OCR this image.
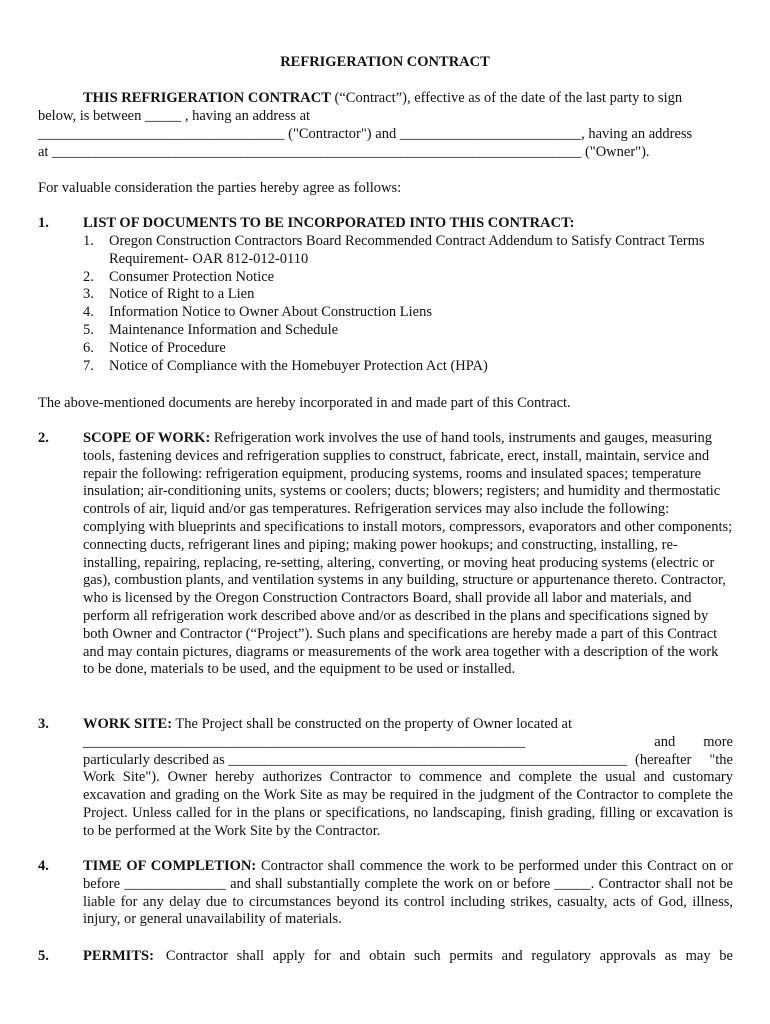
REFRIGERATION CONTRACT
THIS REFRIGERATION CONTRACT (“Contract”), effective as of the date of the last party to sign
below, is between _____ , having an address at
__________________________________ ("Contractor") and _________________________, having an address
at _________________________________________________________________________ ("Owner").
For valuable consideration the parties hereby agree as follows:
1. LIST OF DOCUMENTS TO BE INCORPORATED INTO THIS CONTRACT:
1. Oregon Construction Contractors Board Recommended Contract Addendum to Satisfy Contract Terms Requirement- OAR 812-012-0110
2. Consumer Protection Notice
3. Notice of Right to a Lien
4. Information Notice to Owner About Construction Liens
5. Maintenance Information and Schedule
6. Notice of Procedure
7. Notice of Compliance with the Homebuyer Protection Act (HPA)
The above-mentioned documents are hereby incorporated in and made part of this Contract.
2. SCOPE OF WORK: Refrigeration work involves the use of hand tools, instruments and gauges, measuring tools, fastening devices and refrigeration supplies to construct, fabricate, erect, install, maintain, service and repair the following: refrigeration equipment, producing systems, rooms and insulated spaces; temperature insulation; air-conditioning units, systems or coolers; ducts; blowers; registers; and humidity and thermostatic controls of air, liquid and/or gas temperatures. Refrigeration services may also include the following: complying with blueprints and specifications to install motors, compressors, evaporators and other components; connecting ducts, refrigerant lines and piping; making power hookups; and constructing, installing, re-installing, repairing, replacing, re-setting, altering, converting, or moving heat producing systems (electric or gas), combustion plants, and ventilation systems in any building, structure or appurtenance thereto. Contractor, who is licensed by the Oregon Construction Contractors Board, shall provide all labor and materials, and perform all refrigeration work described above and/or as described in the plans and specifications signed by both Owner and Contractor (“Project”). Such plans and specifications are hereby made a part of this Contract and may contain pictures, diagrams or measurements of the work area together with a description of the work to be done, materials to be used, and the equipment to be used or installed.

3. WORK SITE: The Project shall be constructed on the property of Owner located at

_____________________________________________________________	and more
particularly described as _______________________________________________________ (hereafter "the

Work Site"). Owner hereby authorizes Contractor to commence and complete the usual and customary excavation and grading on the Work Site as may be required in the judgment of the Contractor to complete the Project. Unless called for in the plans or specifications, no landscaping, finish grading, filling or excavation is to be performed at the Work Site by the Contractor.

4. TIME OF COMPLETION: Contractor shall commence the work to be performed under this Contract on or before ______________ and shall substantially complete the work on or before _____. Contractor shall not be liable for any delay due to circumstances beyond its control including strikes, casualty, acts of God, illness, injury, or general unavailability of materials.

5. PERMITS: Contractor shall apply for and obtain such permits and regulatory approvals as may be
